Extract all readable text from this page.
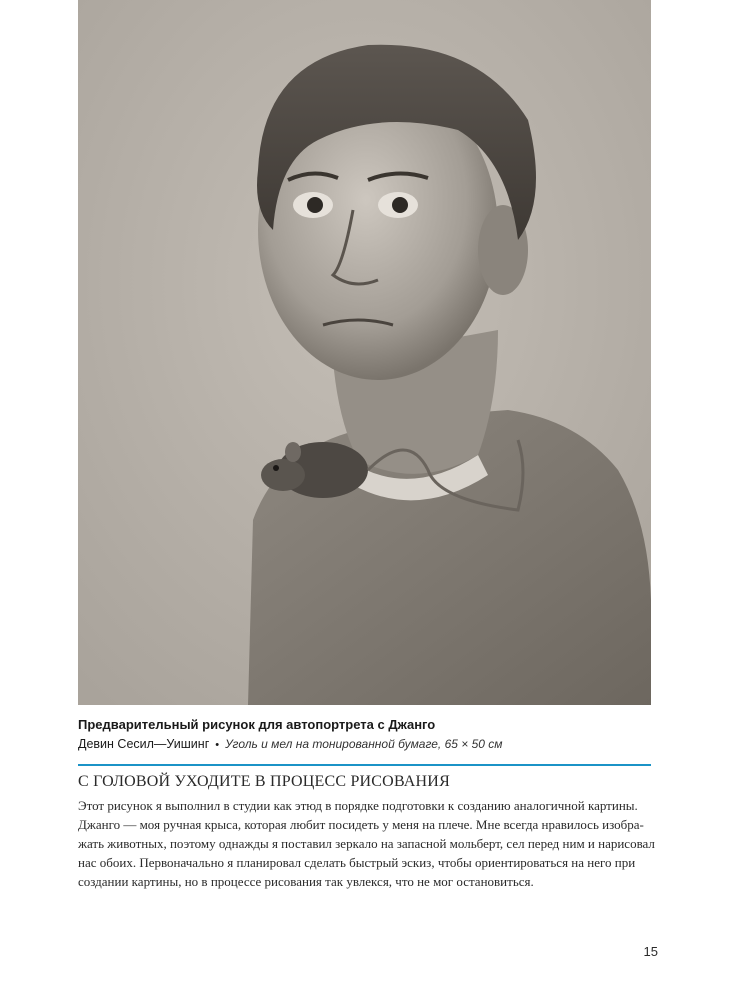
Предварительный рисунок для автопортрета с Джанго
Девин Сесил—Уишинг • Уголь и мел на тонированной бумаге, 65 × 50 см
С ГОЛОВОЙ УХОДИТЕ В ПРОЦЕСС РИСОВАНИЯ
Этот рисунок я выполнил в студии как этюд в порядке подготовки к созданию аналогичной картины.
Джанго — моя ручная крыса, которая любит посидеть у меня на плече. Мне всегда нравилось изобра-
жать животных, поэтому однажды я поставил зеркало на запасной мольберт, сел перед ним и нарисовал
нас обоих. Первоначально я планировал сделать быстрый эскиз, чтобы ориентироваться на него при
создании картины, но в процессе рисования так увлекся, что не мог остановиться.
15
